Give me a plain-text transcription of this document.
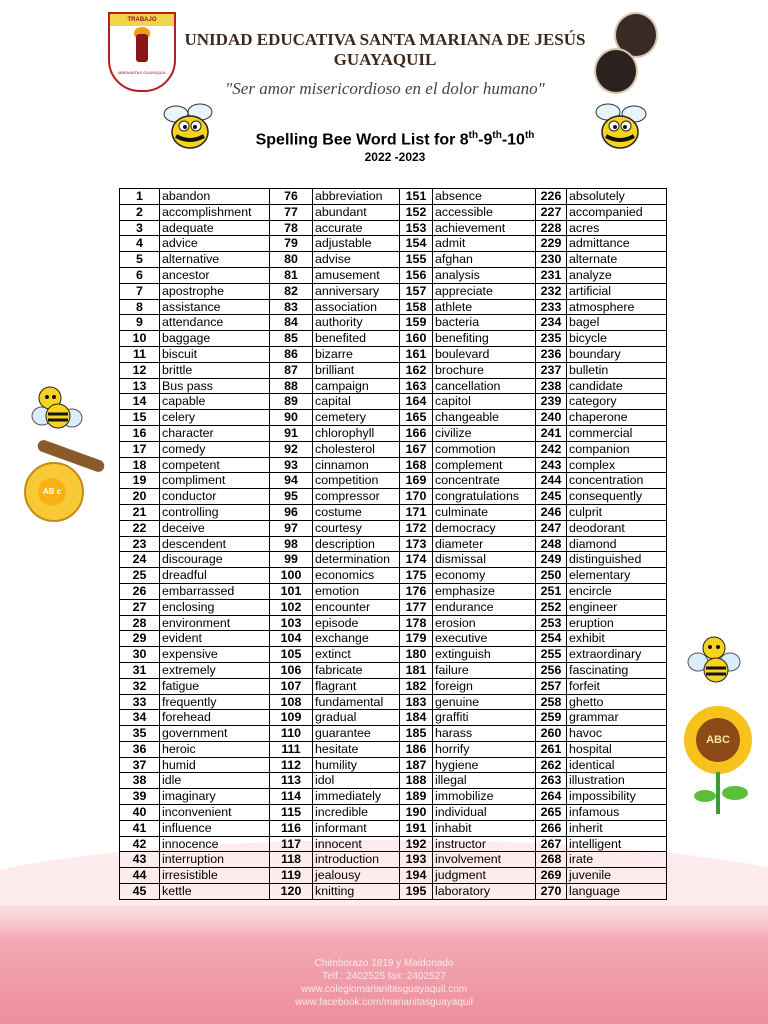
TRABAJO
MARIANITAS GUAYAQUIL
UNIDAD EDUCATIVA SANTA MARIANA DE JESÚS
GUAYAQUIL
"Ser amor misericordioso en el dolor humano"
Spelling Bee Word List for 8th-9th-10th
2022 -2023
AB c
ABC
1	abandon	76	abbreviation	151	absence	226	absolutely
2	accomplishment	77	abundant	152	accessible	227	accompanied
3	adequate	78	accurate	153	achievement	228	acres
4	advice	79	adjustable	154	admit	229	admittance
5	alternative	80	advise	155	afghan	230	alternate
6	ancestor	81	amusement	156	analysis	231	analyze
7	apostrophe	82	anniversary	157	appreciate	232	artificial
8	assistance	83	association	158	athlete	233	atmosphere
9	attendance	84	authority	159	bacteria	234	bagel
10	baggage	85	benefited	160	benefiting	235	bicycle
11	biscuit	86	bizarre	161	boulevard	236	boundary
12	brittle	87	brilliant	162	brochure	237	bulletin
13	Bus pass	88	campaign	163	cancellation	238	candidate
14	capable	89	capital	164	capitol	239	category
15	celery	90	cemetery	165	changeable	240	chaperone
16	character	91	chlorophyll	166	civilize	241	commercial
17	comedy	92	cholesterol	167	commotion	242	companion
18	competent	93	cinnamon	168	complement	243	complex
19	compliment	94	competition	169	concentrate	244	concentration
20	conductor	95	compressor	170	congratulations	245	consequently
21	controlling	96	costume	171	culminate	246	culprit
22	deceive	97	courtesy	172	democracy	247	deodorant
23	descendent	98	description	173	diameter	248	diamond
24	discourage	99	determination	174	dismissal	249	distinguished
25	dreadful	100	economics	175	economy	250	elementary
26	embarrassed	101	emotion	176	emphasize	251	encircle
27	enclosing	102	encounter	177	endurance	252	engineer
28	environment	103	episode	178	erosion	253	eruption
29	evident	104	exchange	179	executive	254	exhibit
30	expensive	105	extinct	180	extinguish	255	extraordinary
31	extremely	106	fabricate	181	failure	256	fascinating
32	fatigue	107	flagrant	182	foreign	257	forfeit
33	frequently	108	fundamental	183	genuine	258	ghetto
34	forehead	109	gradual	184	graffiti	259	grammar
35	government	110	guarantee	185	harass	260	havoc
36	heroic	111	hesitate	186	horrify	261	hospital
37	humid	112	humility	187	hygiene	262	identical
38	idle	113	idol	188	illegal	263	illustration
39	imaginary	114	immediately	189	immobilize	264	impossibility
40	inconvenient	115	incredible	190	individual	265	infamous
41	influence	116	informant	191	inhabit	266	inherit
42	innocence	117	innocent	192	instructor	267	intelligent
43	interruption	118	introduction	193	involvement	268	irate
44	irresistible	119	jealousy	194	judgment	269	juvenile
45	kettle	120	knitting	195	laboratory	270	language
Chimborazo 1819 y Maldonado
Telf.: 2402525 fax: 2402527
www.colegiomarianitasguayaquil.com
www.facebook.com/marianitasguayaquil
